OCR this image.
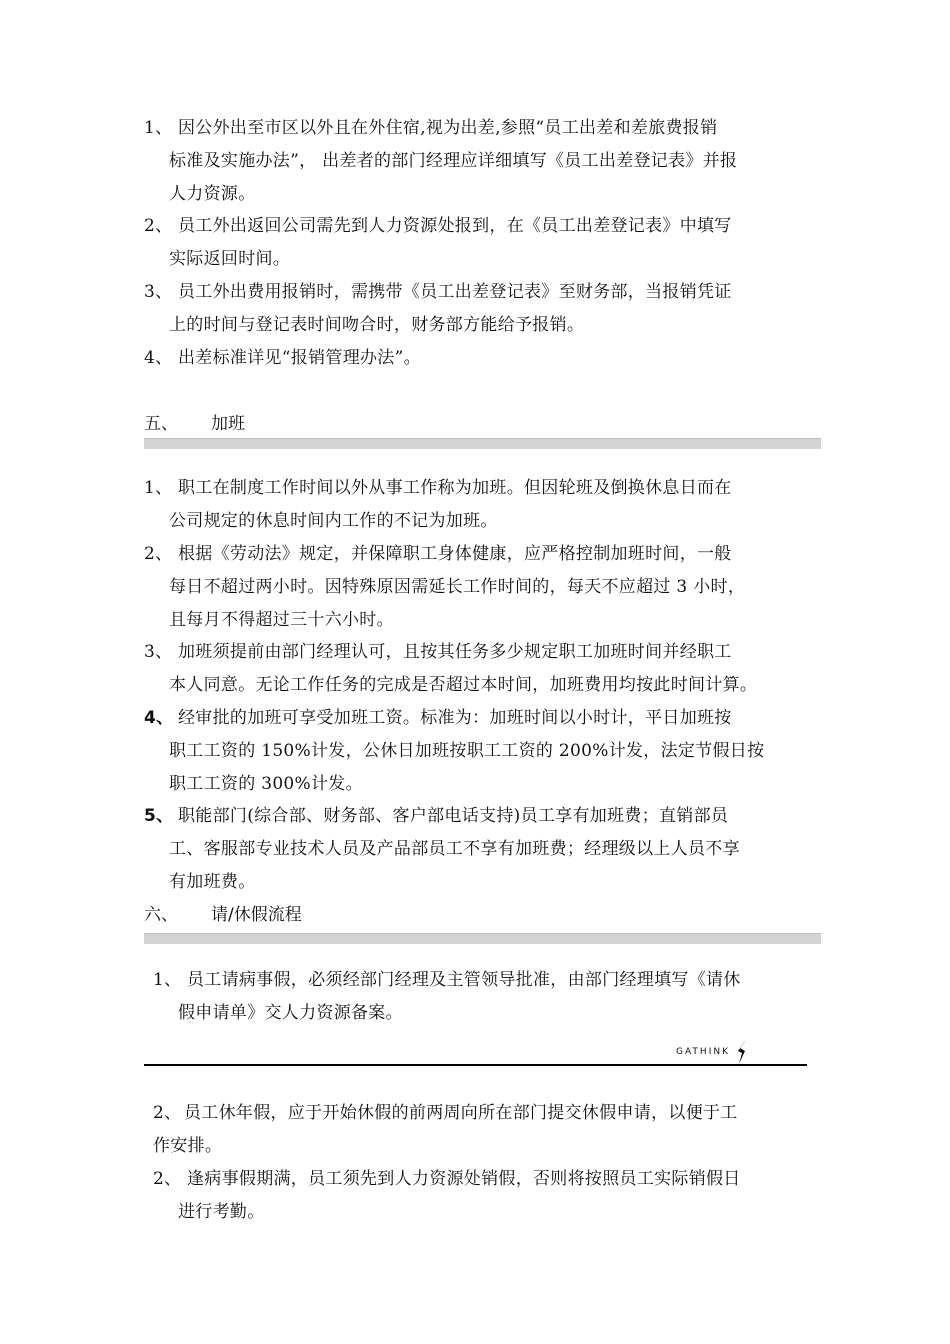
1、 因公外出至市区以外且在外住宿,视为出差,参照“员工出差和差旅费报销
标准及实施办法”， 出差者的部门经理应详细填写《员工出差登记表》并报
人力资源。
2、 员工外出返回公司需先到人力资源处报到，在《员工出差登记表》中填写
实际返回时间。
3、 员工外出费用报销时，需携带《员工出差登记表》至财务部，当报销凭证
上的时间与登记表时间吻合时，财务部方能给予报销。
4、 出差标准详见“报销管理办法”。
五、 加班
1、 职工在制度工作时间以外从事工作称为加班。但因轮班及倒换休息日而在
公司规定的休息时间内工作的不记为加班。
2、 根据《劳动法》规定，并保障职工身体健康，应严格控制加班时间，一般
每日不超过两小时。因特殊原因需延长工作时间的，每天不应超过 3 小时，
且每月不得超过三十六小时。
3、 加班须提前由部门经理认可，且按其任务多少规定职工加班时间并经职工
本人同意。无论工作任务的完成是否超过本时间，加班费用均按此时间计算。
4、 经审批的加班可享受加班工资。标准为：加班时间以小时计，平日加班按
职工工资的 150%计发，公休日加班按职工工资的 200%计发，法定节假日按
职工工资的 300%计发。
5、 职能部门(综合部、财务部、客户部电话支持)员工享有加班费；直销部员
工、客服部专业技术人员及产品部员工不享有加班费；经理级以上人员不享
有加班费。
六、 请/休假流程
1、 员工请病事假，必须经部门经理及主管领导批准，由部门经理填写《请休
假申请单》交人力资源备案。
GATHINK
2、 员工休年假，应于开始休假的前两周向所在部门提交休假申请，以便于工
作安排。
2、 逢病事假期满，员工须先到人力资源处销假，否则将按照员工实际销假日
进行考勤。
